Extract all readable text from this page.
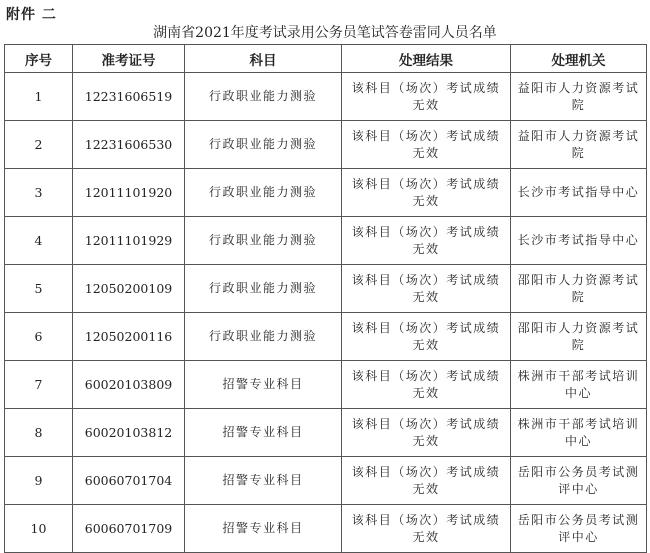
附件 二
湖南省2021年度考试录用公务员笔试答卷雷同人员名单
序号	准考证号	科目	处理结果	处理机关
1	12231606519	行政职业能力测验	该科目（场次）考试成绩无效	益阳市人力资源考试院
2	12231606530	行政职业能力测验	该科目（场次）考试成绩无效	益阳市人力资源考试院
3	12011101920	行政职业能力测验	该科目（场次）考试成绩无效	长沙市考试指导中心
4	12011101929	行政职业能力测验	该科目（场次）考试成绩无效	长沙市考试指导中心
5	12050200109	行政职业能力测验	该科目（场次）考试成绩无效	邵阳市人力资源考试院
6	12050200116	行政职业能力测验	该科目（场次）考试成绩无效	邵阳市人力资源考试院
7	60020103809	招警专业科目	该科目（场次）考试成绩无效	株洲市干部考试培训中心
8	60020103812	招警专业科目	该科目（场次）考试成绩无效	株洲市干部考试培训中心
9	60060701704	招警专业科目	该科目（场次）考试成绩无效	岳阳市公务员考试测评中心
10	60060701709	招警专业科目	该科目（场次）考试成绩无效	岳阳市公务员考试测评中心
